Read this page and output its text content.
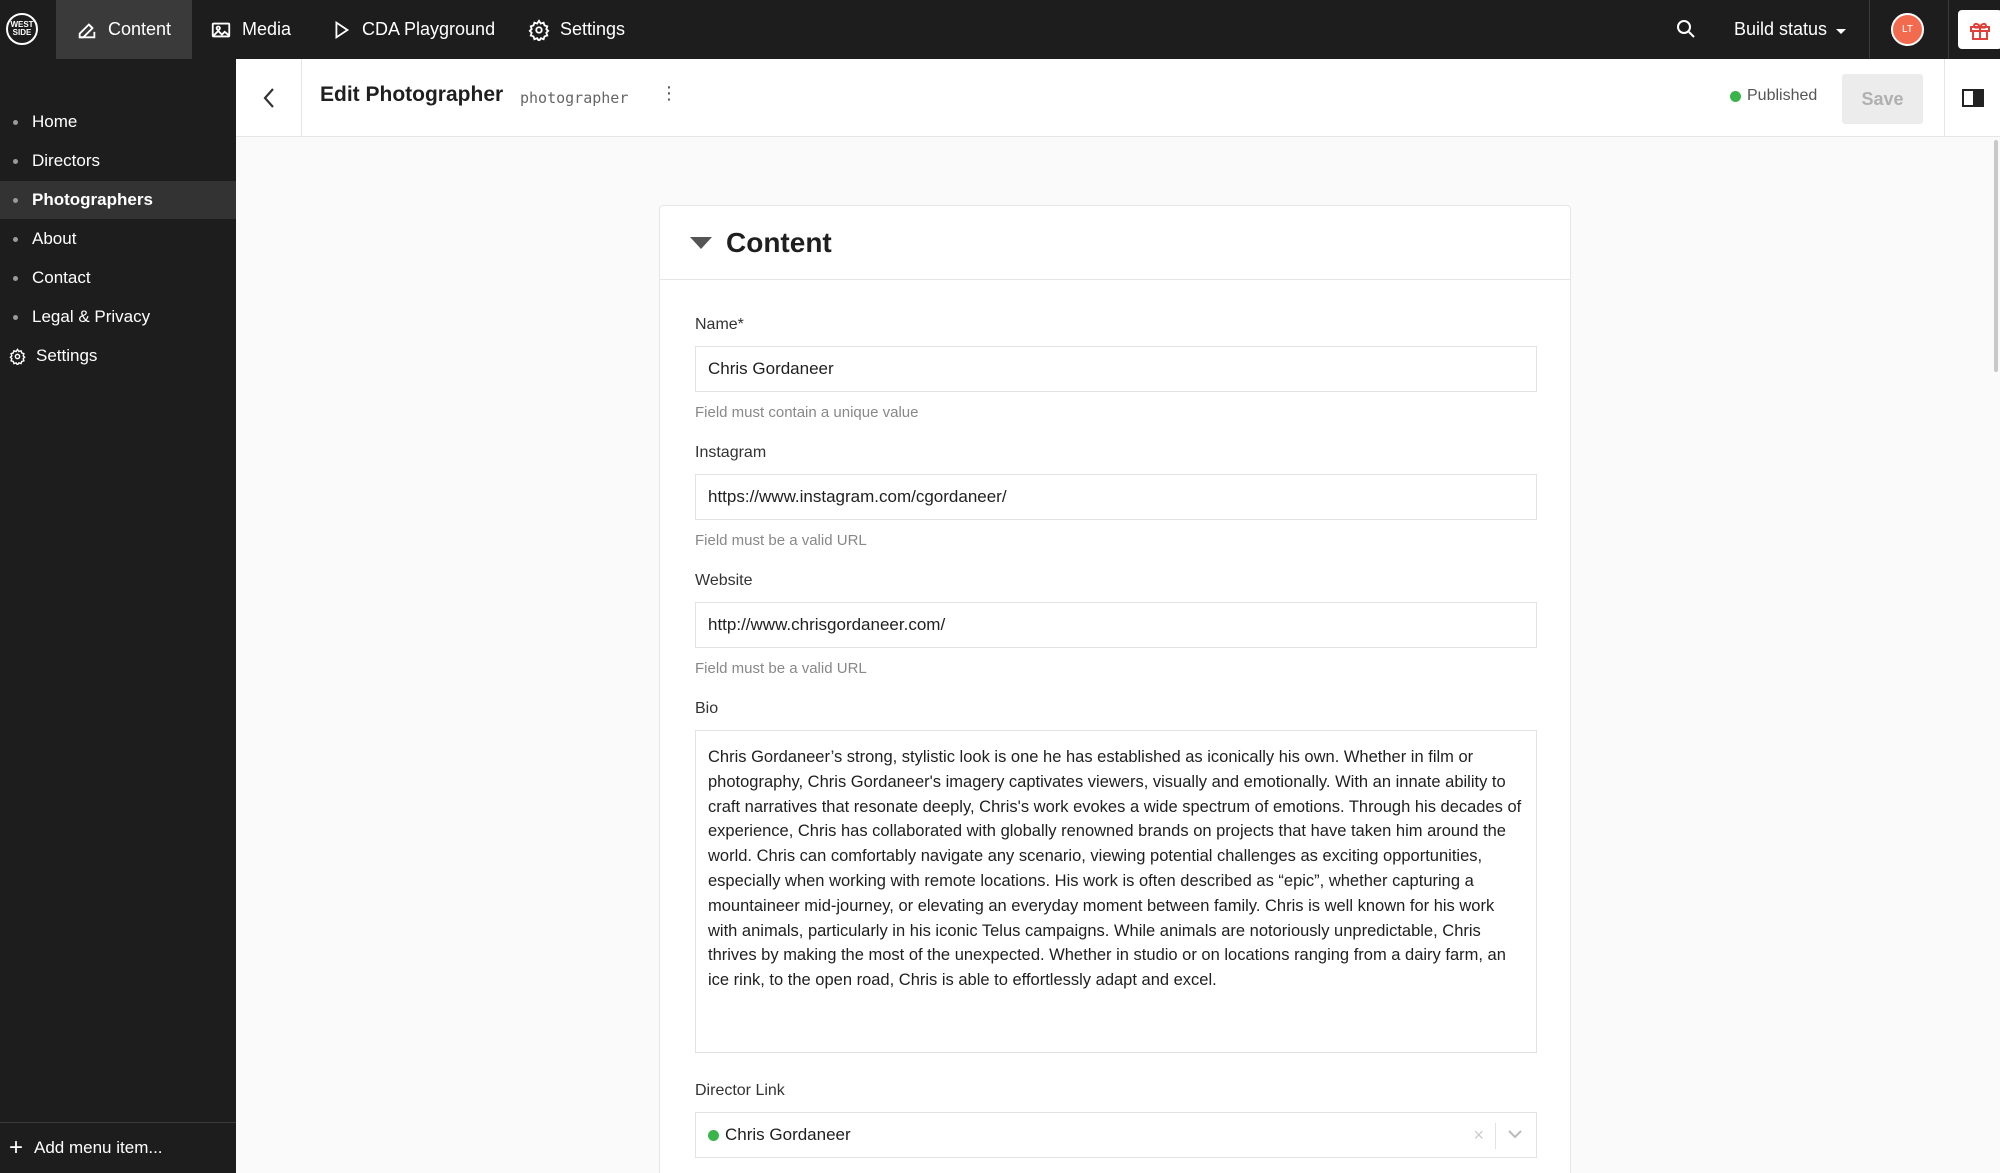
WEST SIDE	Content	Media	CDA Playground	Settings	Build status	LT
Home
Directors
Photographers
About
Contact
Legal & Privacy
Settings
+ Add menu item...
Edit Photographer photographer ⋮	Published	Save
Content
Name*
Chris Gordaneer
Field must contain a unique value
Instagram
https://www.instagram.com/cgordaneer/
Field must be a valid URL
Website
http://www.chrisgordaneer.com/
Field must be a valid URL
Bio
Chris Gordaneer’s strong, stylistic look is one he has established as iconically his own. Whether in film or photography, Chris Gordaneer's imagery captivates viewers, visually and emotionally. With an innate ability to craft narratives that resonate deeply, Chris's work evokes a wide spectrum of emotions. Through his decades of experience, Chris has collaborated with globally renowned brands on projects that have taken him around the world. Chris can comfortably navigate any scenario, viewing potential challenges as exciting opportunities, especially when working with remote locations. His work is often described as “epic”, whether capturing a mountaineer mid-journey, or elevating an everyday moment between family. Chris is well known for his work with animals, particularly in his iconic Telus campaigns. While animals are notoriously unpredictable, Chris thrives by making the most of the unexpected. Whether in studio or on locations ranging from a dairy farm, an ice rink, to the open road, Chris is able to effortlessly adapt and excel.
Director Link
Chris Gordaneer	×
